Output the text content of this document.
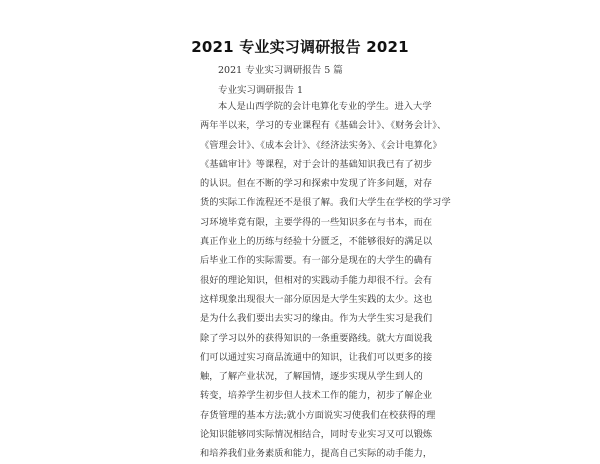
2021 专业实习调研报告 2021
2021 专业实习调研报告 5 篇
专业实习调研报告 1
本人是山西学院的会计电算化专业的学生。进入大学
两年半以来，学习的专业课程有《基础会计》、《财务会计》、
《管理会计》、《成本会计》、《经济法实务》、《会计电算化》
《基础审计》等课程，对于会计的基础知识我已有了初步
的认识。但在不断的学习和探索中发现了许多问题，对存
货的实际工作流程还不是很了解。我们大学生在学校的学习学
习环境毕竟有限，主要学得的一些知识多在与书本，而在
真正作业上的历练与经验十分匮乏，不能够很好的满足以
后毕业工作的实际需要。有一部分是现在的大学生的确有
很好的理论知识，但相对的实践动手能力却很不行。会有
这样现象出现很大一部分原因是大学生实践的太少。这也
是为什么我们要出去实习的缘由。作为大学生实习是我们
除了学习以外的获得知识的一条重要路线。就大方面说我
们可以通过实习商品流通中的知识，让我们可以更多的接
触，了解产业状况，了解国情，逐步实现从学生到人的
转变，培养学生初步但人技术工作的能力，初步了解企业
存货管理的基本方法;就小方面说实习使我们在校获得的理
论知识能够同实际情况相结合，同时专业实习又可以锻炼
和培养我们业务素质和能力，提高自己实际的动手能力，
